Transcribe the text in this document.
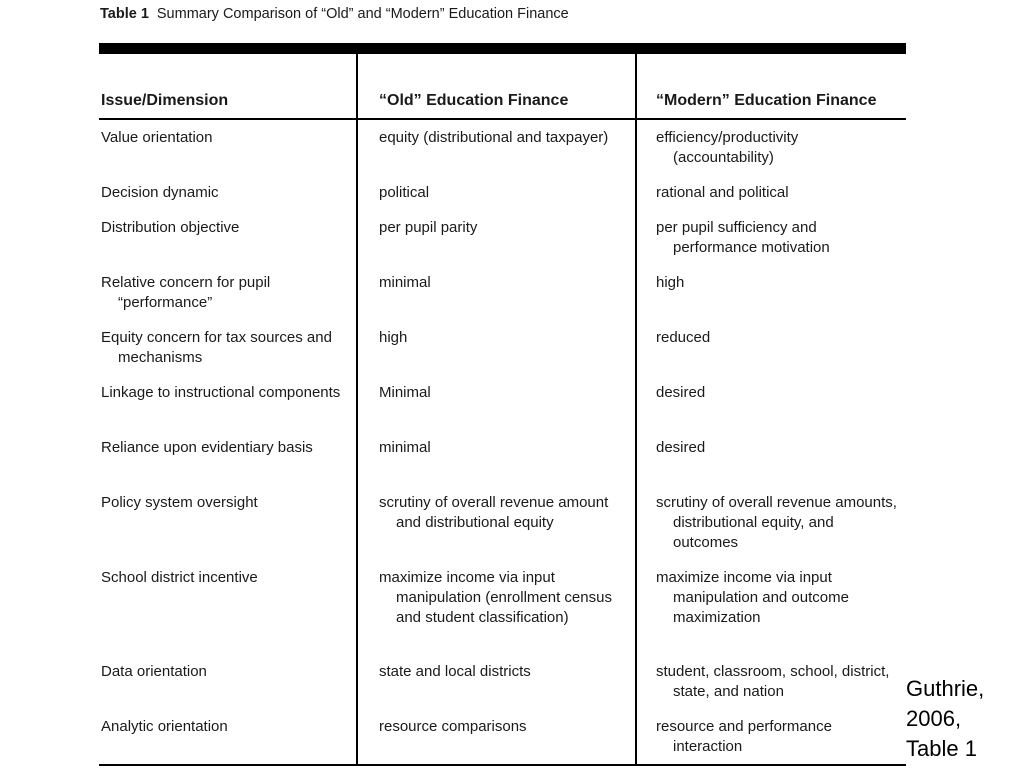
Table 1 Summary Comparison of “Old” and “Modern” Education Finance
Issue/Dimension	“Old” Education Finance	“Modern” Education Finance

Value orientation	equity (distributional and taxpayer)	efficiency/productivity (accountability)

Decision dynamic	political	rational and political

Distribution objective	per pupil parity	per pupil sufficiency and performance motivation

Relative concern for pupil “performance”	minimal	high

Equity concern for tax sources and mechanisms	high	reduced

Linkage to instructional components	Minimal	desired

Reliance upon evidentiary basis	minimal	desired

Policy system oversight	scrutiny of overall revenue amount and distributional equity	scrutiny of overall revenue amounts, distributional equity, and outcomes

School district incentive	maximize income via input manipulation (enrollment census and student classification)	maximize income via input manipulation and outcome maximization

Data orientation	state and local districts	student, classroom, school, district, state, and nation

Analytic orientation	resource comparisons	resource and performance interaction
Guthrie,
2006,
Table 1
